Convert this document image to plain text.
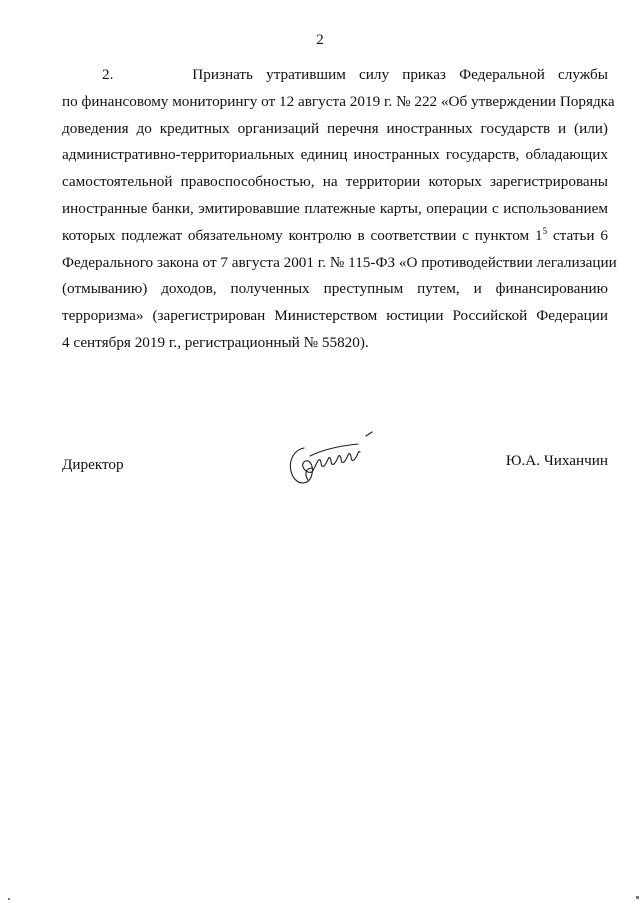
2
2.      Признать утратившим силу приказ Федеральной службы
по финансовому мониторингу от 12 августа 2019 г. № 222 «Об утверждении Порядка
доведения до кредитных организаций перечня иностранных государств и (или)
административно-территориальных единиц иностранных государств, обладающих
самостоятельной правоспособностью, на территории которых зарегистрированы
иностранные банки, эмитировавшие платежные карты, операции с использованием
которых подлежат обязательному контролю в соответствии с пунктом $1^5$ статьи 6
Федерального закона от 7 августа 2001 г. № 115-ФЗ «О противодействии легализации
(отмыванию) доходов, полученных преступным путем, и финансированию
терроризма» (зарегистрирован Министерством юстиции Российской Федерации
4 сентября 2019 г., регистрационный № 55820).
Директор	Ю.А. Чиханчин
